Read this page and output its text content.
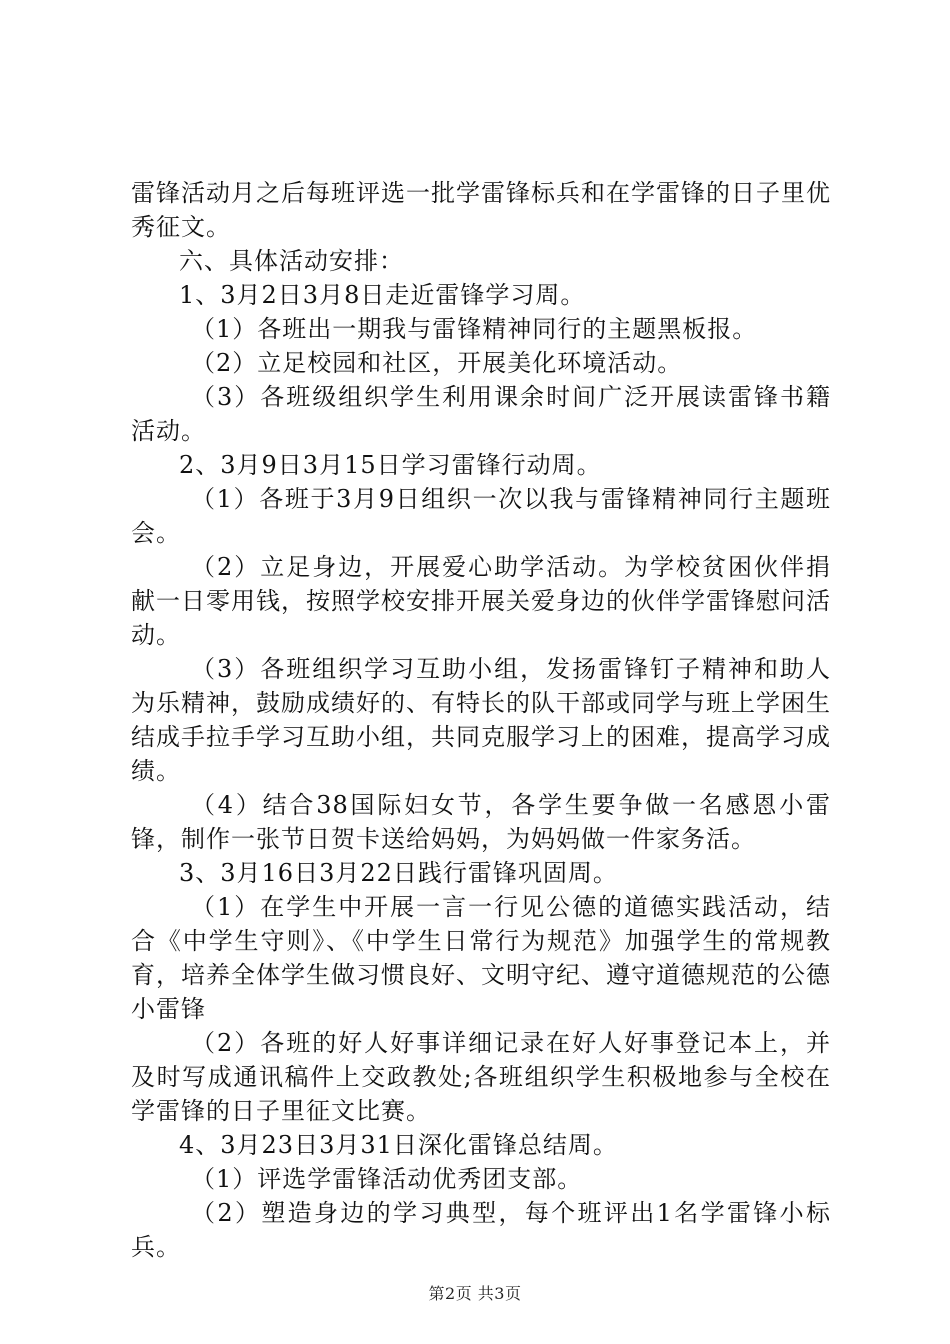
雷锋活动月之后每班评选一批学雷锋标兵和在学雷锋的日子里优秀征文。

六、具体活动安排：

1、3月2日3月8日走近雷锋学习周。

（1）各班出一期我与雷锋精神同行的主题黑板报。

（2）立足校园和社区，开展美化环境活动。

（3）各班级组织学生利用课余时间广泛开展读雷锋书籍活动。

2、3月9日3月15日学习雷锋行动周。

（1）各班于3月9日组织一次以我与雷锋精神同行主题班会。

（2）立足身边，开展爱心助学活动。为学校贫困伙伴捐献一日零用钱，按照学校安排开展关爱身边的伙伴学雷锋慰问活动。

（3）各班组织学习互助小组，发扬雷锋钉子精神和助人为乐精神，鼓励成绩好的、有特长的队干部或同学与班上学困生结成手拉手学习互助小组，共同克服学习上的困难，提高学习成绩。

（4）结合38国际妇女节，各学生要争做一名感恩小雷锋，制作一张节日贺卡送给妈妈，为妈妈做一件家务活。

3、3月16日3月22日践行雷锋巩固周。

（1）在学生中开展一言一行见公德的道德实践活动，结合《中学生守则》、《中学生日常行为规范》加强学生的常规教育，培养全体学生做习惯良好、文明守纪、遵守道德规范的公德小雷锋

（2）各班的好人好事详细记录在好人好事登记本上，并及时写成通讯稿件上交政教处;各班组织学生积极地参与全校在学雷锋的日子里征文比赛。

4、3月23日3月31日深化雷锋总结周。

（1）评选学雷锋活动优秀团支部。

（2）塑造身边的学习典型，每个班评出1名学雷锋小标兵。

第2页 共3页
